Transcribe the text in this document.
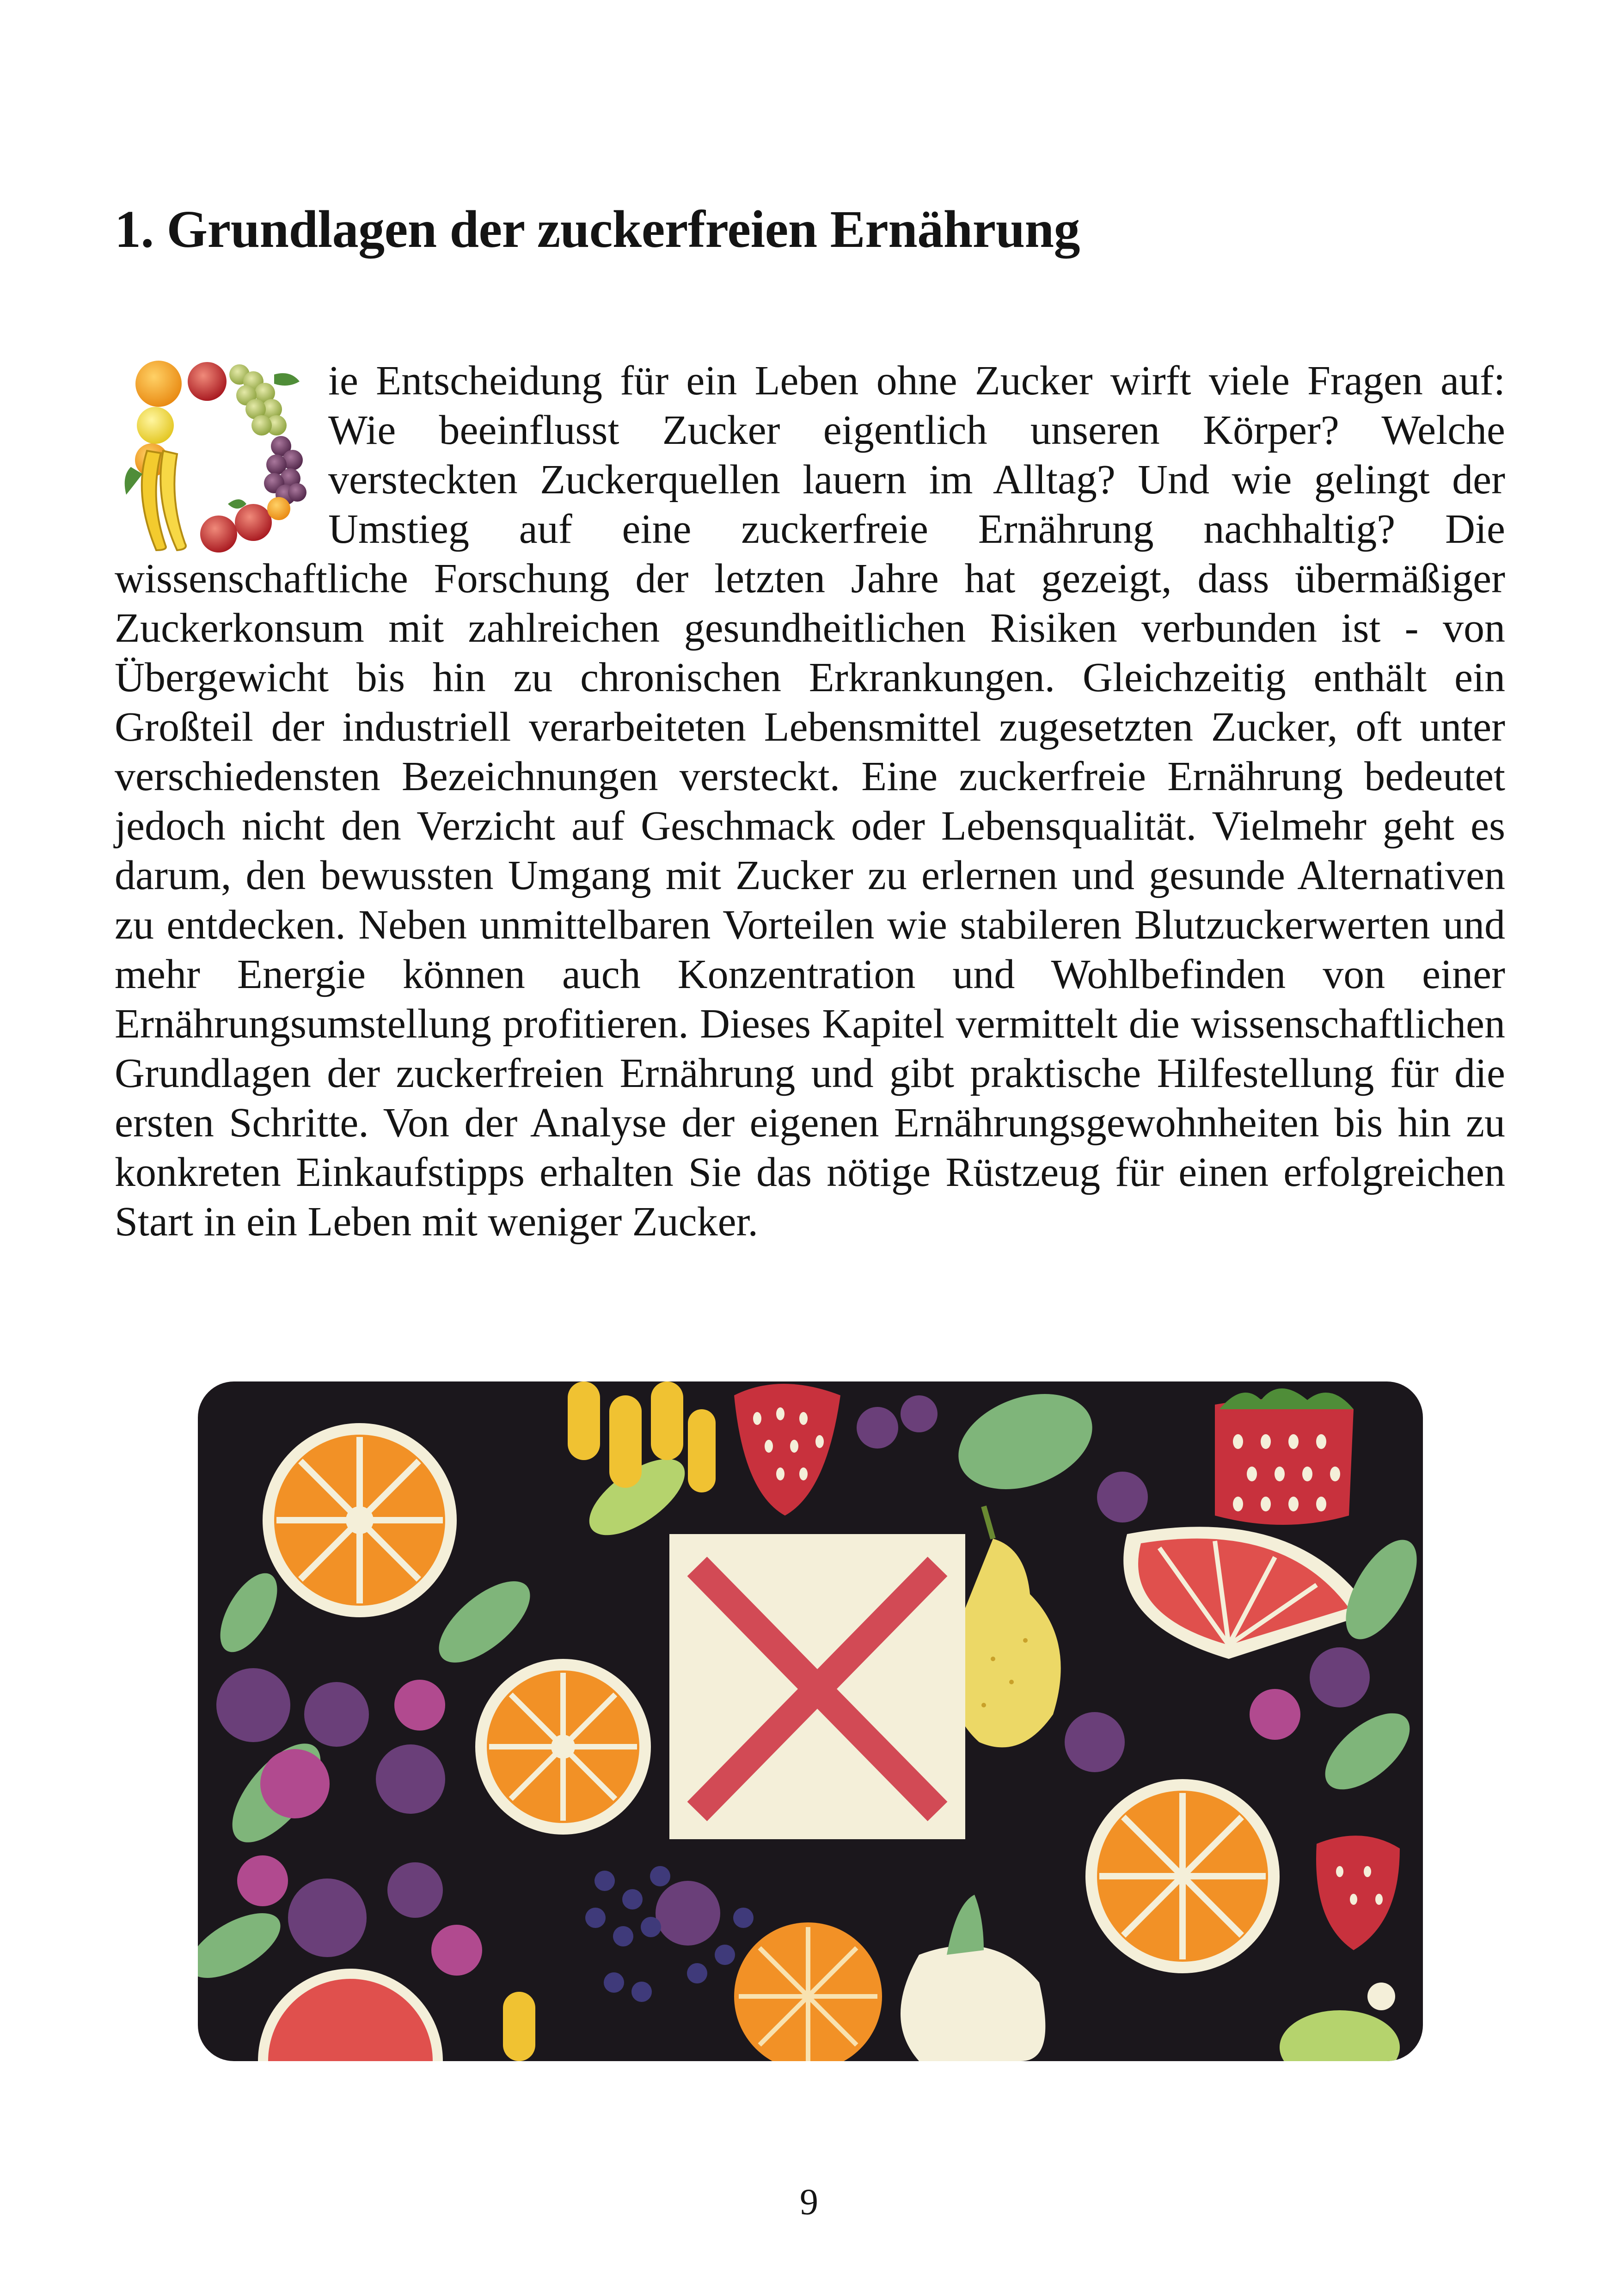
1. Grundlagen der zuckerfreien Ernährung

ie Entscheidung für ein Leben ohne Zucker wirft viele Fragen auf: Wie beeinflusst Zucker eigentlich unseren Körper? Welche versteckten Zuckerquellen lauern im Alltag? Und wie gelingt der Umstieg auf eine zuckerfreie Ernährung nachhaltig? Die wissenschaftliche Forschung der letzten Jahre hat gezeigt, dass übermäßiger Zuckerkonsum mit zahlreichen gesundheitlichen Risiken verbunden ist - von Übergewicht bis hin zu chronischen Erkrankungen. Gleichzeitig enthält ein Großteil der industriell verarbeiteten Lebensmittel zugesetzten Zucker, oft unter verschiedensten Bezeichnungen versteckt. Eine zuckerfreie Ernährung bedeutet jedoch nicht den Verzicht auf Geschmack oder Lebensqualität. Vielmehr geht es darum, den bewussten Umgang mit Zucker zu erlernen und gesunde Alternativen zu entdecken. Neben unmittelbaren Vorteilen wie stabileren Blutzuckerwerten und mehr Energie können auch Konzentration und Wohlbefinden von einer Ernährungsumstellung profitieren. Dieses Kapitel vermittelt die wissenschaftlichen Grundlagen der zuckerfreien Ernährung und gibt praktische Hilfestellung für die ersten Schritte. Von der Analyse der eigenen Ernährungsgewohnheiten bis hin zu konkreten Einkaufstipps erhalten Sie das nötige Rüstzeug für einen erfolgreichen Start in ein Leben mit weniger Zucker.

9
